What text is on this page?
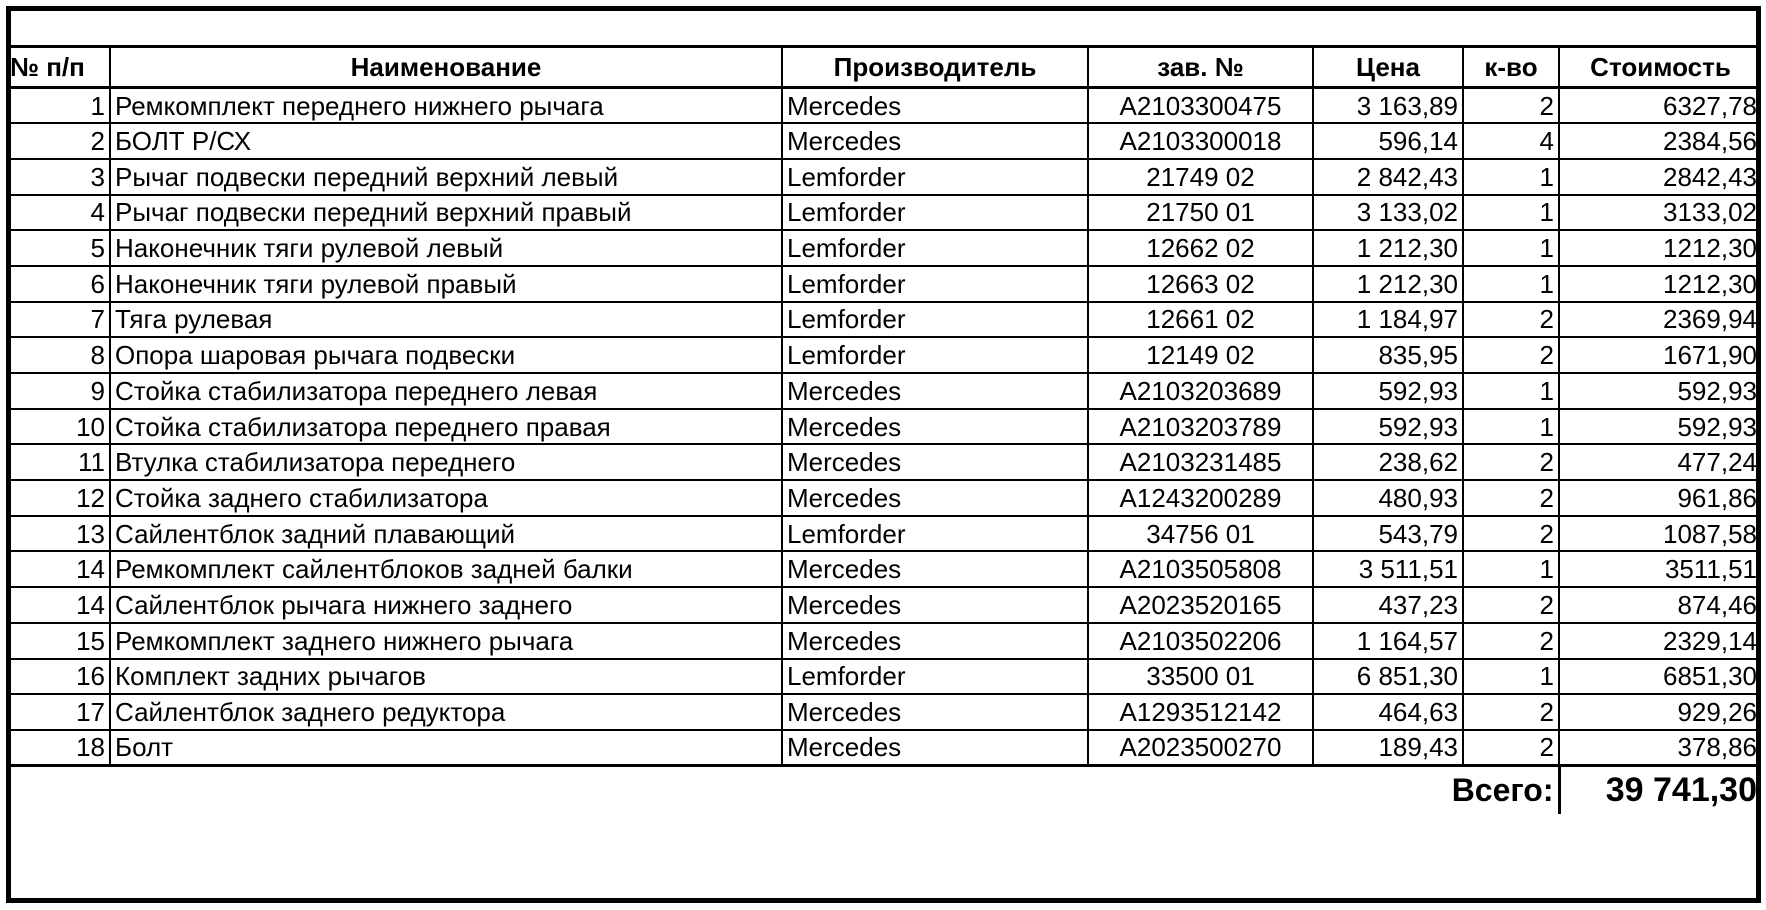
№ п/п	Наименование	Производитель	зав. №	Цена	к-во	Стоимость
1	Ремкомплект переднего нижнего рычага	Mercedes	A2103300475	3 163,89	2	6327,78
2	БОЛТ Р/СХ	Mercedes	A2103300018	596,14	4	2384,56
3	Рычаг подвески передний верхний левый	Lemforder	21749 02	2 842,43	1	2842,43
4	Рычаг подвески передний верхний правый	Lemforder	21750 01	3 133,02	1	3133,02
5	Наконечник тяги рулевой левый	Lemforder	12662 02	1 212,30	1	1212,30
6	Наконечник тяги рулевой правый	Lemforder	12663 02	1 212,30	1	1212,30
7	Тяга рулевая	Lemforder	12661 02	1 184,97	2	2369,94
8	Опора шаровая рычага подвески	Lemforder	12149 02	835,95	2	1671,90
9	Стойка стабилизатора переднего левая	Mercedes	A2103203689	592,93	1	592,93
10	Стойка стабилизатора переднего правая	Mercedes	A2103203789	592,93	1	592,93
11	Втулка стабилизатора переднего	Mercedes	A2103231485	238,62	2	477,24
12	Стойка заднего стабилизатора	Mercedes	A1243200289	480,93	2	961,86
13	Сайлентблок задний плавающий	Lemforder	34756 01	543,79	2	1087,58
14	Ремкомплект сайлентблоков задней балки	Mercedes	A2103505808	3 511,51	1	3511,51
14	Сайлентблок рычага нижнего заднего	Mercedes	A2023520165	437,23	2	874,46
15	Ремкомплект заднего нижнего рычага	Mercedes	A2103502206	1 164,57	2	2329,14
16	Комплект задних рычагов	Lemforder	33500 01	6 851,30	1	6851,30
17	Сайлентблок заднего редуктора	Mercedes	A1293512142	464,63	2	929,26
18	Болт	Mercedes	A2023500270	189,43	2	378,86
Всего:						39 741,30
